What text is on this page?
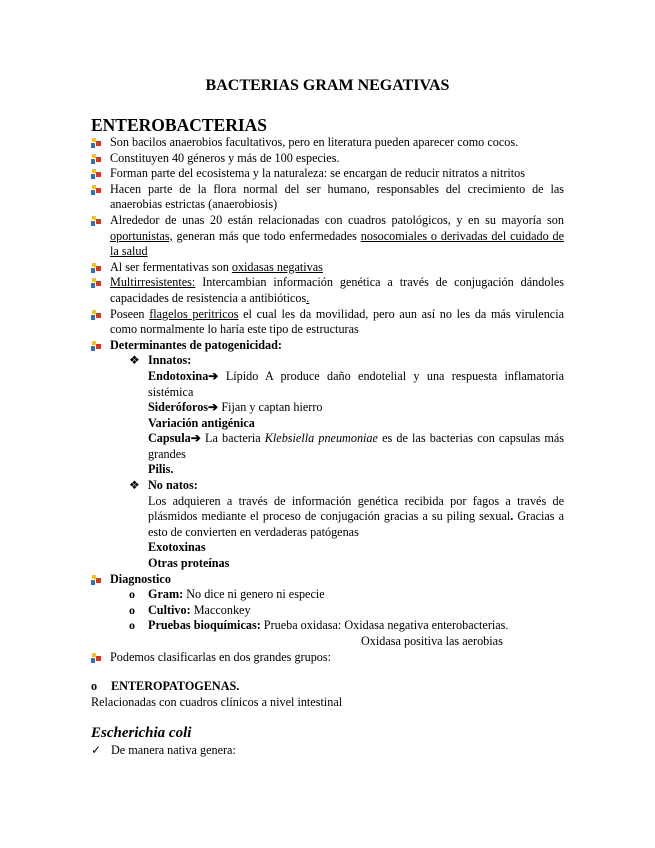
BACTERIAS GRAM NEGATIVAS
ENTEROBACTERIAS
Son bacilos anaerobios facultativos, pero en literatura pueden aparecer como cocos.
Constituyen 40 géneros y más de 100 especies.
Forman parte del ecosistema y la naturaleza: se encargan de reducir nitratos a nitritos
Hacen parte de la flora normal del ser humano, responsables del crecimiento de las anaerobias estrictas (anaerobiosis)
Alrededor de unas 20 están relacionadas con cuadros patológicos, y en su mayoría son oportunistas, generan más que todo enfermedades nosocomiales o derivadas del cuidado de la salud
Al ser fermentativas son oxidasas negativas
Multirresistentes: Intercambian información genética a través de conjugación dándoles capacidades de resistencia a antibióticos.
Poseen flagelos peritricos el cual les da movilidad, pero aun así no les da más virulencia como normalmente lo haría este tipo de estructuras
Determinantes de patogenicidad:
❖ Innatos:
Endotoxina➔ Lípido A produce daño endotelial y una respuesta inflamatoria sistémica
Sideróforos➔ Fijan y captan hierro
Variación antigénica
Capsula➔ La bacteria Klebsiella pneumoniae es de las bacterias con capsulas más grandes
Pilis.
❖ No natos:
Los adquieren a través de información genética recibida por fagos a través de plásmidos mediante el proceso de conjugación gracias a su piling sexual. Gracias a esto de convierten en verdaderas patógenas
Exotoxinas
Otras proteínas
Diagnostico
o Gram: No dice ni genero ni especie
o Cultivo: Macconkey
o Pruebas bioquímicas: Prueba oxidasa: Oxidasa negativa enterobacterias.
Oxidasa positiva las aerobias
Podemos clasificarlas en dos grandes grupos:
o ENTEROPATOGENAS.
Relacionadas con cuadros clínicos a nivel intestinal
Escherichia coli
✓ De manera nativa genera:
